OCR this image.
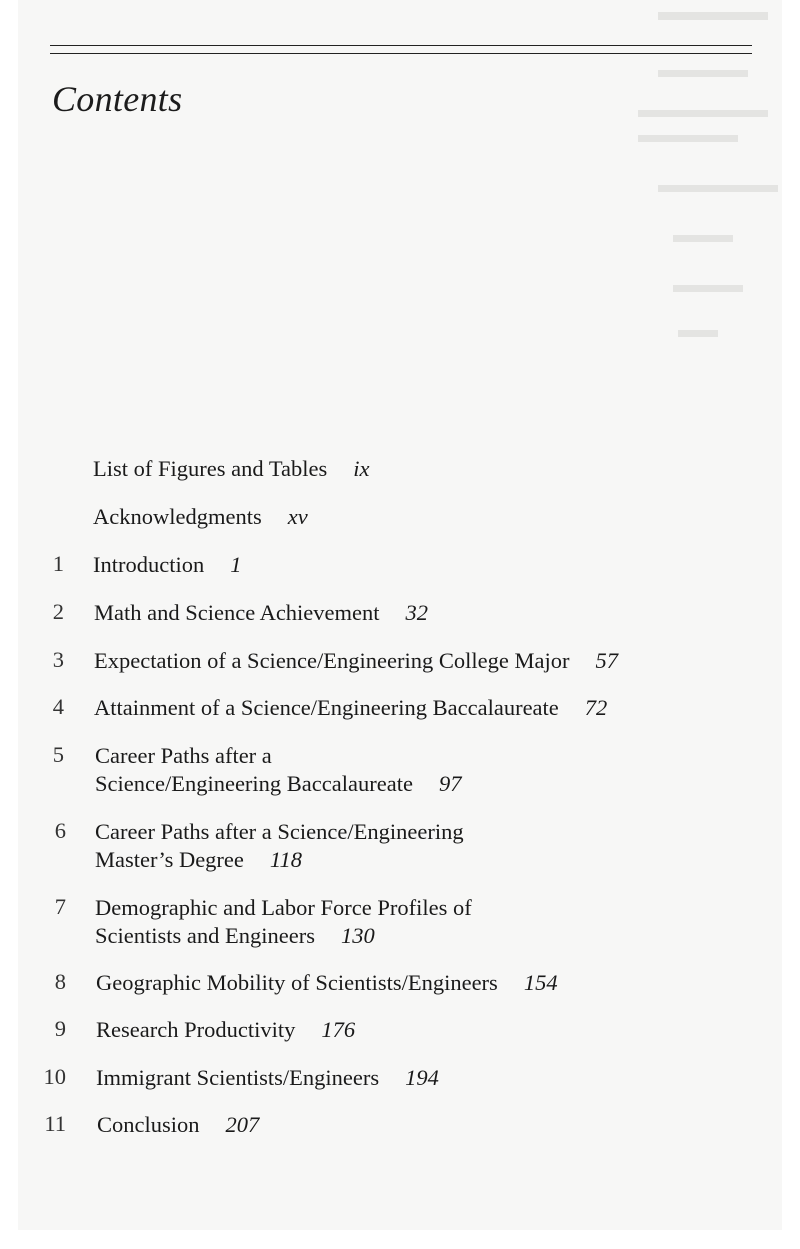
Contents
List of Figures and Tables ix
Acknowledgments xv
1 Introduction 1
2 Math and Science Achievement 32
3 Expectation of a Science/Engineering College Major 57
4 Attainment of a Science/Engineering Baccalaureate 72
5 Career Paths after a
Science/Engineering Baccalaureate 97
6 Career Paths after a Science/Engineering
Master’s Degree 118
7 Demographic and Labor Force Profiles of
Scientists and Engineers 130
8 Geographic Mobility of Scientists/Engineers 154
9 Research Productivity 176
10 Immigrant Scientists/Engineers 194
11 Conclusion 207
